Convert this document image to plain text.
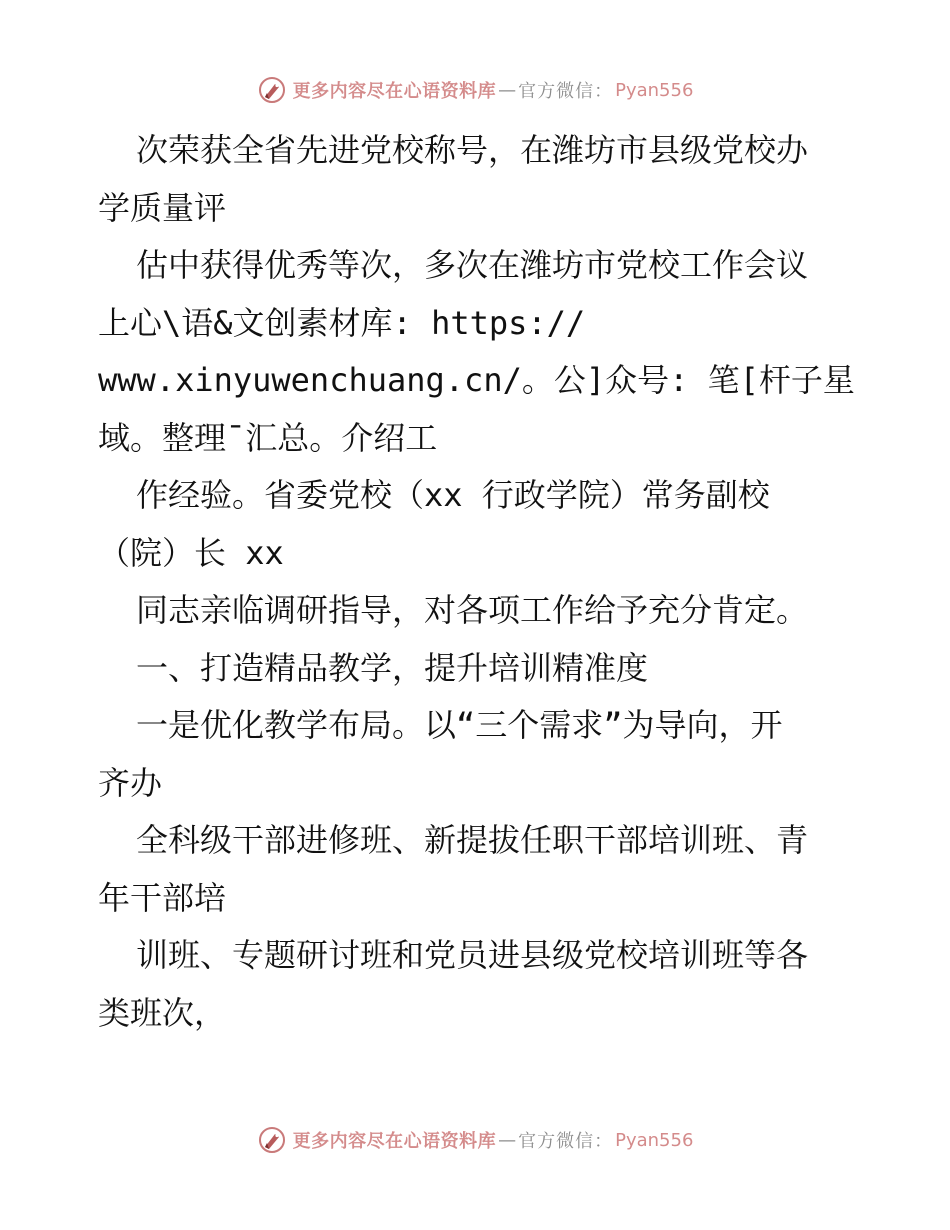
更多内容尽在心语资料库 — 官方微信： Pyan556
次荣获全省先进党校称号，在潍坊市县级党校办
学质量评
估中获得优秀等次，多次在潍坊市党校工作会议
上心\语&文创素材库: https://
www.xinyuwenchuang.cn/。公]众号: 笔[杆子星
域。整理¯汇总。介绍工
作经验。省委党校（xx 行政学院）常务副校
（院）长 xx
同志亲临调研指导，对各项工作给予充分肯定。
一、打造精品教学，提升培训精准度
一是优化教学布局。以“三个需求”为导向，开
齐办
全科级干部进修班、新提拔任职干部培训班、青
年干部培
训班、专题研讨班和党员进县级党校培训班等各
类班次，
更多内容尽在心语资料库 — 官方微信： Pyan556
